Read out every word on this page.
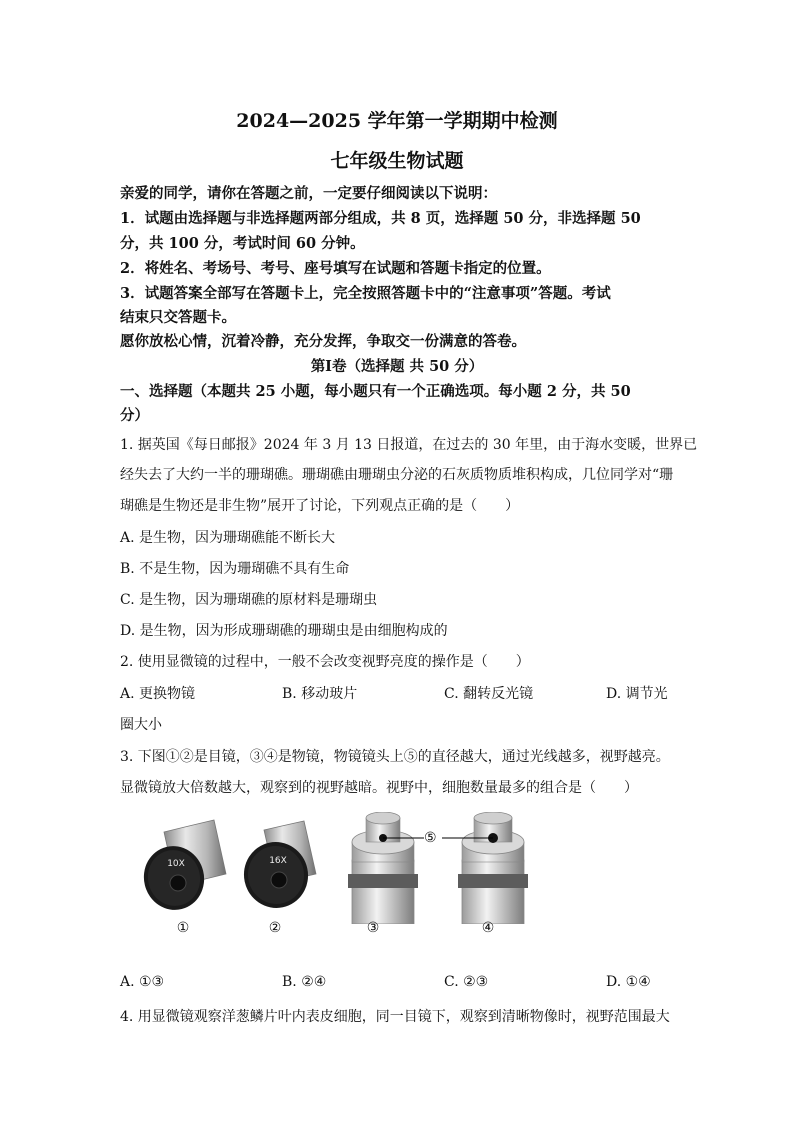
2024—2025 学年第一学期期中检测
七年级生物试题
亲爱的同学，请你在答题之前，一定要仔细阅读以下说明：
1．试题由选择题与非选择题两部分组成，共 8 页，选择题 50 分，非选择题 50
分，共 100 分，考试时间 60 分钟。
2．将姓名、考场号、考号、座号填写在试题和答题卡指定的位置。
3．试题答案全部写在答题卡上，完全按照答题卡中的“注意事项”答题。考试
结束只交答题卡。
愿你放松心情，沉着冷静，充分发挥，争取交一份满意的答卷。
第Ⅰ卷（选择题 共 50 分）
一、选择题（本题共 25 小题，每小题只有一个正确选项。每小题 2 分，共 50
分）
1. 据英国《每日邮报》2024 年 3 月 13 日报道，在过去的 30 年里，由于海水变暖，世界已
经失去了大约一半的珊瑚礁。珊瑚礁由珊瑚虫分泌的石灰质物质堆积构成，几位同学对“珊
瑚礁是生物还是非生物”展开了讨论，下列观点正确的是（　　）
A. 是生物，因为珊瑚礁能不断长大
B. 不是生物，因为珊瑚礁不具有生命
C. 是生物，因为珊瑚礁的原材料是珊瑚虫
D. 是生物，因为形成珊瑚礁的珊瑚虫是由细胞构成的
2. 使用显微镜的过程中，一般不会改变视野亮度的操作是（　　）
A. 更换物镜	B. 移动玻片	C. 翻转反光镜	D. 调节光
圈大小
3. 下图①②是目镜，③④是物镜，物镜镜头上⑤的直径越大，通过光线越多，视野越亮。
显微镜放大倍数越大，观察到的视野越暗。视野中，细胞数量最多的组合是（　　）
10X	16X
⑤
①	②	③	④
A. ①③	B. ②④	C. ②③	D. ①④
4. 用显微镜观察洋葱鳞片叶内表皮细胞，同一目镜下，观察到清晰物像时，视野范围最大
